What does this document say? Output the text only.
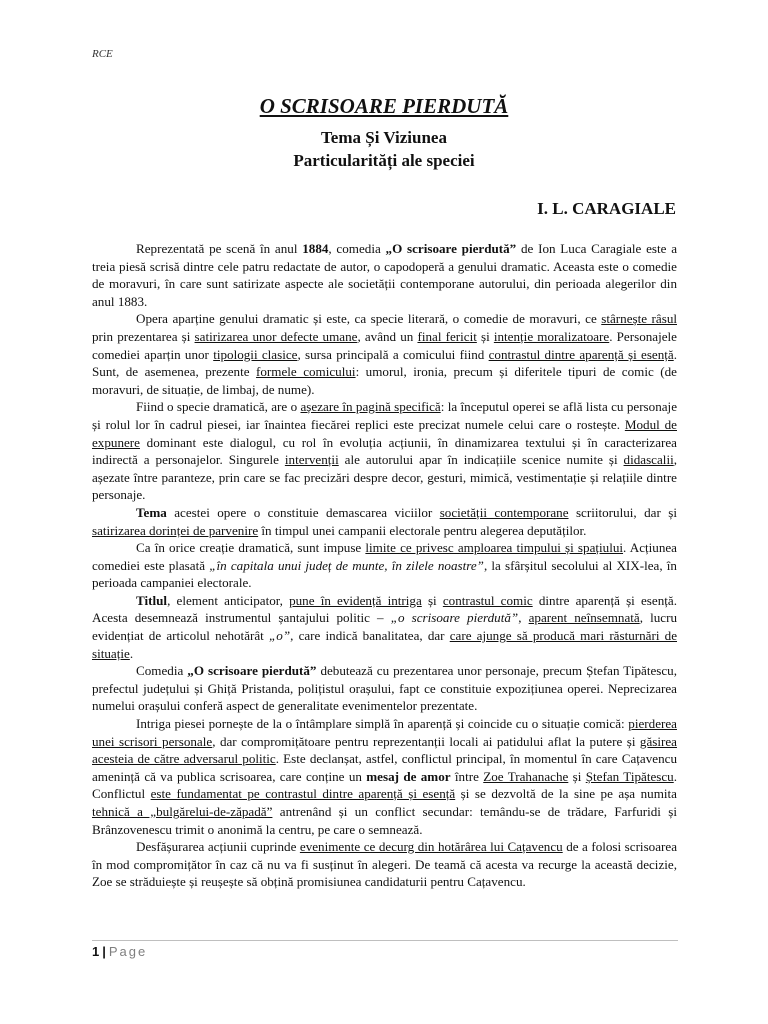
RCE
O SCRISOARE PIERDUTĂ
Tema Și Viziunea
Particularități ale speciei
I. L. CARAGIALE

Reprezentată pe scenă în anul 1884, comedia „O scrisoare pierdută” de Ion Luca Caragiale este a treia piesă scrisă dintre cele patru redactate de autor, o capodoperă a genului dramatic. Aceasta este o comedie de moravuri, în care sunt satirizate aspecte ale societății contemporane autorului, din perioada alegerilor din anul 1883.

Opera aparține genului dramatic și este, ca specie literară, o comedie de moravuri, ce stârnește râsul prin prezentarea și satirizarea unor defecte umane, având un final fericit și intenție moralizatoare. Personajele comediei aparțin unor tipologii clasice, sursa principală a comicului fiind contrastul dintre aparență și esență. Sunt, de asemenea, prezente formele comicului: umorul, ironia, precum și diferitele tipuri de comic (de moravuri, de situație, de limbaj, de nume).

Fiind o specie dramatică, are o așezare în pagină specifică: la începutul operei se află lista cu personaje și rolul lor în cadrul piesei, iar înaintea fiecărei replici este precizat numele celui care o rostește. Modul de expunere dominant este dialogul, cu rol în evoluția acțiunii, în dinamizarea textului și în caracterizarea indirectă a personajelor. Singurele intervenții ale autorului apar în indicațiile scenice numite și didascalii, așezate între paranteze, prin care se fac precizări despre decor, gesturi, mimică, vestimentație și relațiile dintre personaje.

Tema acestei opere o constituie demascarea viciilor societății contemporane scriitorului, dar și satirizarea dorinței de parvenire în timpul unei campanii electorale pentru alegerea deputăților.

Ca în orice creație dramatică, sunt impuse limite ce privesc amploarea timpului și spațiului. Acțiunea comediei este plasată „în capitala unui județ de munte, în zilele noastre”, la sfârșitul secolului al XIX-lea, în perioada campaniei electorale.

Titlul, element anticipator, pune în evidență intriga și contrastul comic dintre aparență și esență. Acesta desemnează instrumentul șantajului politic – „o scrisoare pierdută”, aparent neînsemnată, lucru evidențiat de articolul nehotărât „o”, care indică banalitatea, dar care ajunge să producă mari răsturnări de situație.

Comedia „O scrisoare pierdută” debutează cu prezentarea unor personaje, precum Ștefan Tipătescu, prefectul județului și Ghiță Pristanda, polițistul orașului, fapt ce constituie expozițiunea operei. Neprecizarea numelui orașului conferă aspect de generalitate evenimentelor prezentate.

Intriga piesei pornește de la o întâmplare simplă în aparență și coincide cu o situație comică: pierderea unei scrisori personale, dar compromițătoare pentru reprezentanții locali ai patidului aflat la putere și găsirea acesteia de către adversarul politic. Este declanșat, astfel, conflictul principal, în momentul în care Cațavencu amenință că va publica scrisoarea, care conține un mesaj de amor între Zoe Trahanache și Ștefan Tipătescu. Conflictul este fundamentat pe contrastul dintre aparență și esență și se dezvoltă de la sine pe așa numita tehnică a „bulgărelui-de-zăpadă” antrenând și un conflict secundar: temându-se de trădare, Farfuridi și Brânzovenescu trimit o anonimă la centru, pe care o semnează.

Desfășurarea acțiunii cuprinde evenimente ce decurg din hotărârea lui Cațavencu de a folosi scrisoarea în mod compromițător în caz că nu va fi susținut în alegeri. De teamă că acesta va recurge la această decizie, Zoe se străduiește și reușește să obțină promisiunea candidaturii pentru Cațavencu.

1 | Page
